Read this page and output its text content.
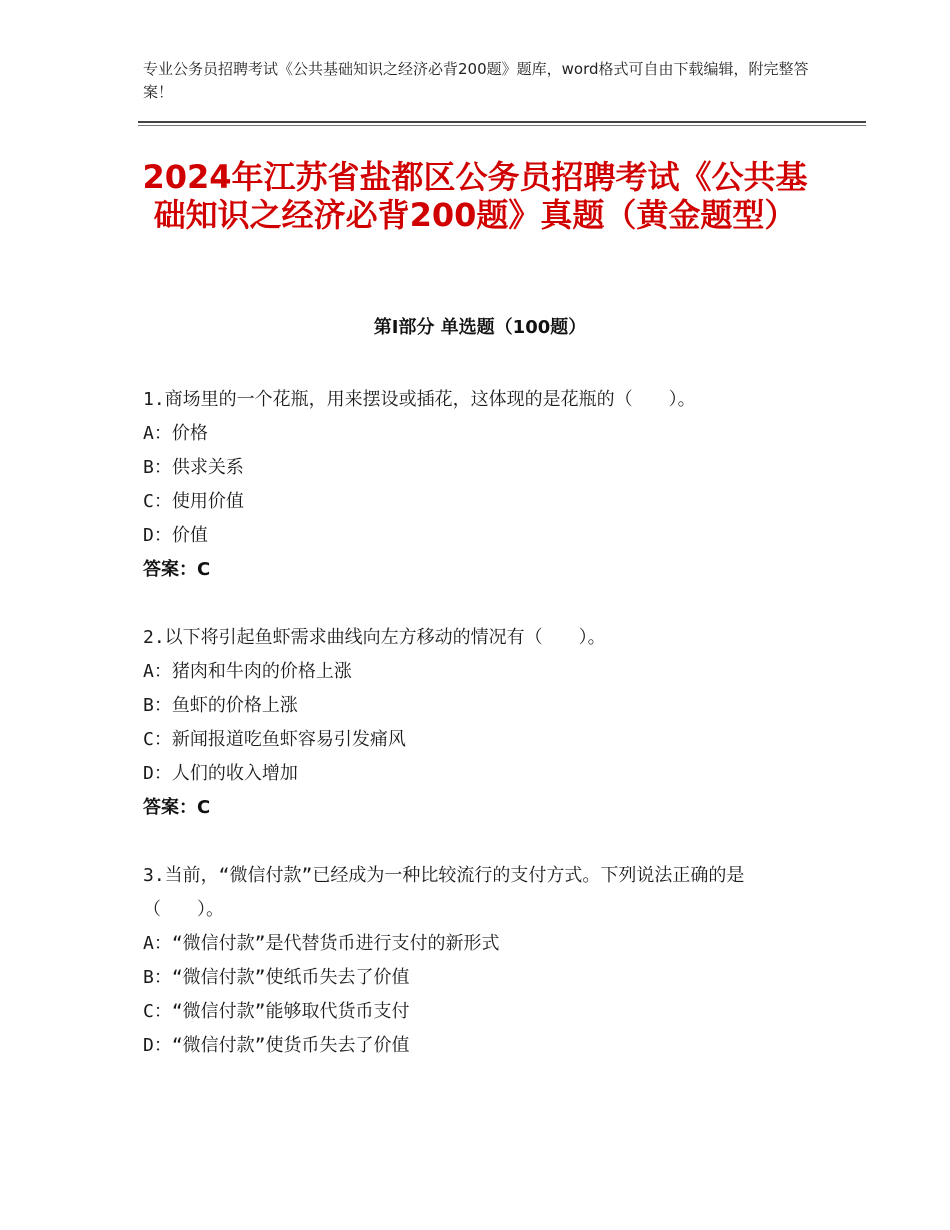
专业公务员招聘考试《公共基础知识之经济必背200题》题库，word格式可自由下载编辑，附完整答案！
2024年江苏省盐都区公务员招聘考试《公共基础知识之经济必背200题》真题（黄金题型）
第Ⅰ部分 单选题（100题）
1.商场里的一个花瓶，用来摆设或插花，这体现的是花瓶的（　　）。
A：价格
B：供求关系
C：使用价值
D：价值
答案：C
2.以下将引起鱼虾需求曲线向左方移动的情况有（　　）。
A：猪肉和牛肉的价格上涨
B：鱼虾的价格上涨
C：新闻报道吃鱼虾容易引发痛风
D：人们的收入增加
答案：C
3.当前，“微信付款”已经成为一种比较流行的支付方式。下列说法正确的是（　　）。
A：“微信付款”是代替货币进行支付的新形式
B：“微信付款”使纸币失去了价值
C：“微信付款”能够取代货币支付
D：“微信付款”使货币失去了价值
